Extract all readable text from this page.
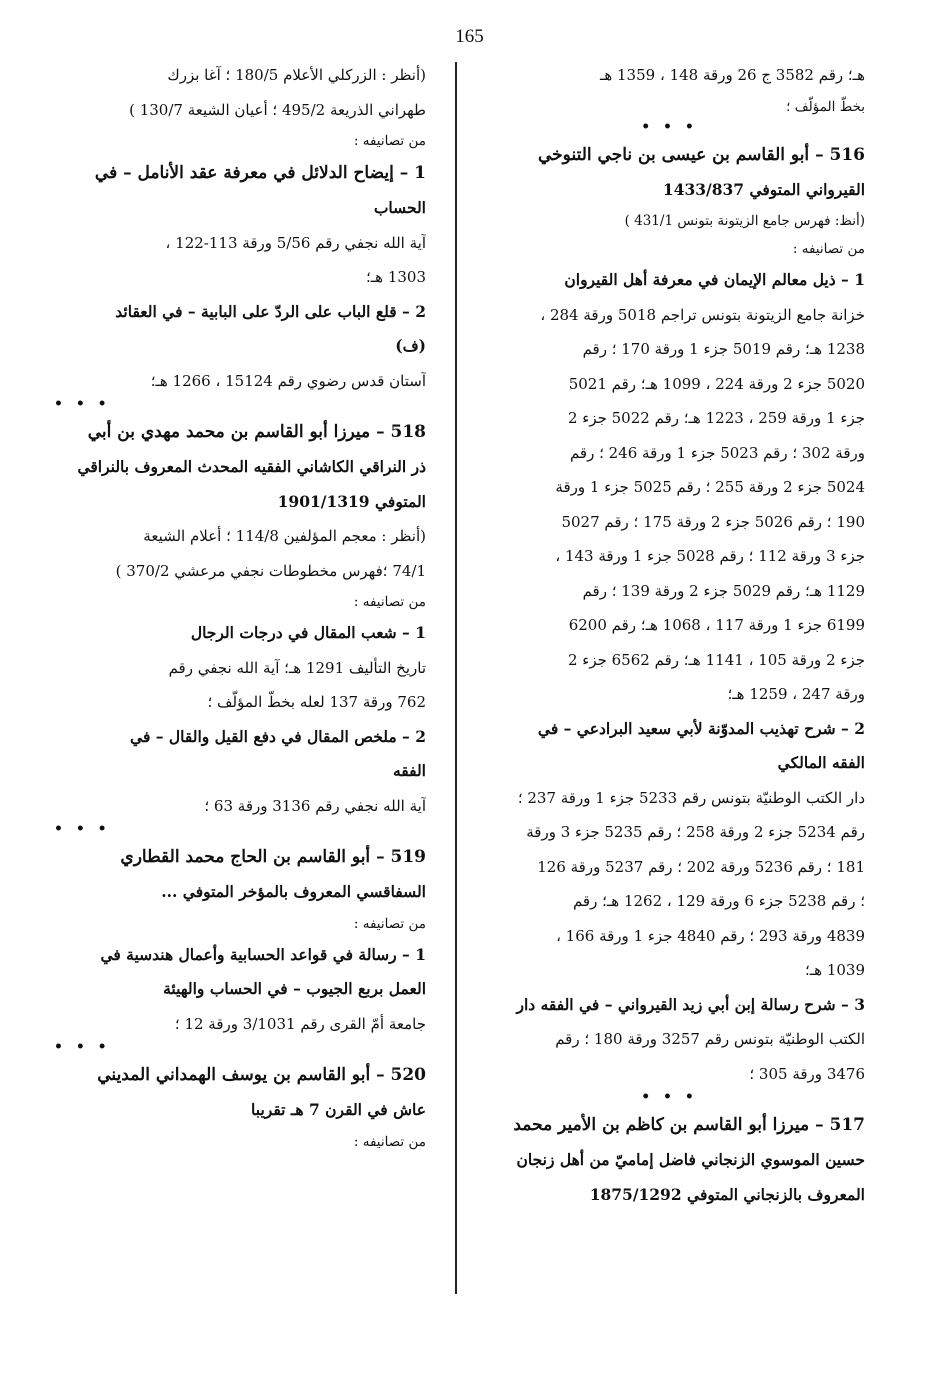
165
هـ؛ رقم 3582 ج 26 ورقة 148 ، 1359 هـ
بخطّ المؤلّف ؛
• • •
516 – أبو القاسم بن عيسى بن ناجي التنوخي
القيرواني المتوفي 1433/837
(أنظ: فهرس جامع الزيتونة بتونس 431/1 )
من تصانيفه :
1 – ذيل معالم الإيمان في معرفة أهل القيروان
خزانة جامع الزيتونة بتونس تراجم 5018 ورقة 284 ،
1238 هـ؛ رقم 5019 جزء 1 ورقة 170 ؛ رقم
5020 جزء 2 ورقة 224 ، 1099 هـ؛ رقم 5021
جزء 1 ورقة 259 ، 1223 هـ؛ رقم 5022 جزء 2
ورقة 302 ؛ رقم 5023 جزء 1 ورقة 246 ؛ رقم
5024 جزء 2 ورقة 255 ؛ رقم 5025 جزء 1 ورقة
190 ؛ رقم 5026 جزء 2 ورقة 175 ؛ رقم 5027
جزء 3 ورقة 112 ؛ رقم 5028 جزء 1 ورقة 143 ،
1129 هـ؛ رقم 5029 جزء 2 ورقة 139 ؛ رقم
6199 جزء 1 ورقة 117 ، 1068 هـ؛ رقم 6200
جزء 2 ورقة 105 ، 1141 هـ؛ رقم 6562 جزء 2
ورقة 247 ، 1259 هـ؛
2 – شرح تهذيب المدوّنة لأبي سعيد البرادعي – في
الفقه المالكي
دار الكتب الوطنيّة بتونس رقم 5233 جزء 1 ورقة 237 ؛
رقم 5234 جزء 2 ورقة 258 ؛ رقم 5235 جزء 3 ورقة
181 ؛ رقم 5236 ورقة 202 ؛ رقم 5237 ورقة 126
؛ رقم 5238 جزء 6 ورقة 129 ، 1262 هـ؛ رقم
4839 ورقة 293 ؛ رقم 4840 جزء 1 ورقة 166 ،
1039 هـ؛
3 – شرح رسالة إبن أبي زيد القيرواني – في الفقه دار
الكتب الوطنيّة بتونس رقم 3257 ورقة 180 ؛ رقم
3476 ورقة 305 ؛
• • •
517 – ميرزا أبو القاسم بن كاظم بن الأمير محمد
حسين الموسوي الزنجاني فاضل إماميّ من أهل زنجان
المعروف بالزنجاني المتوفي 1875/1292
(أنظر : الزركلي الأعلام 180/5 ؛ آغا بزرك
طهراني الذريعة 495/2 ؛ أعيان الشيعة 130/7 )
من تصانيفه :
1 – إيضاح الدلائل في معرفة عقد الأنامل – في
الحساب
آية الله نجفي رقم 5/56 ورقة 113-122 ،
1303 هـ؛
2 – قلع الباب على الردّ على البابية – في العقائد
(ف)
آستان قدس رضوي رقم 15124 ، 1266 هـ؛
• • •
518 – ميرزا أبو القاسم بن محمد مهدي بن أبي
ذر النراقي الكاشاني الفقيه المحدث المعروف بالنراقي
المتوفي 1901/1319
(أنظر : معجم المؤلفين 114/8 ؛ أعلام الشيعة
74/1 ؛فهرس مخطوطات نجفي مرعشي 370/2 )
من تصانيفه :
1 – شعب المقال في درجات الرجال
تاريخ التأليف 1291 هـ؛ آية الله نجفي رقم
762 ورقة 137 لعله بخطّ المؤلّف ؛
2 – ملخص المقال في دفع القيل والقال – في
الفقه
آية الله نجفي رقم 3136 ورقة 63 ؛
• • •
519 – أبو القاسم بن الحاج محمد القطاري
السفاقسي المعروف بالمؤخر المتوفي ...
من تصانيفه :
1 – رسالة في قواعد الحسابية وأعمال هندسية في
العمل بربع الجيوب – في الحساب والهيئة
جامعة أمّ القرى رقم 3/1031 ورقة 12 ؛
• • •
520 – أبو القاسم بن يوسف الهمداني المديني
عاش في القرن 7 هـ تقريبا
من تصانيفه :
